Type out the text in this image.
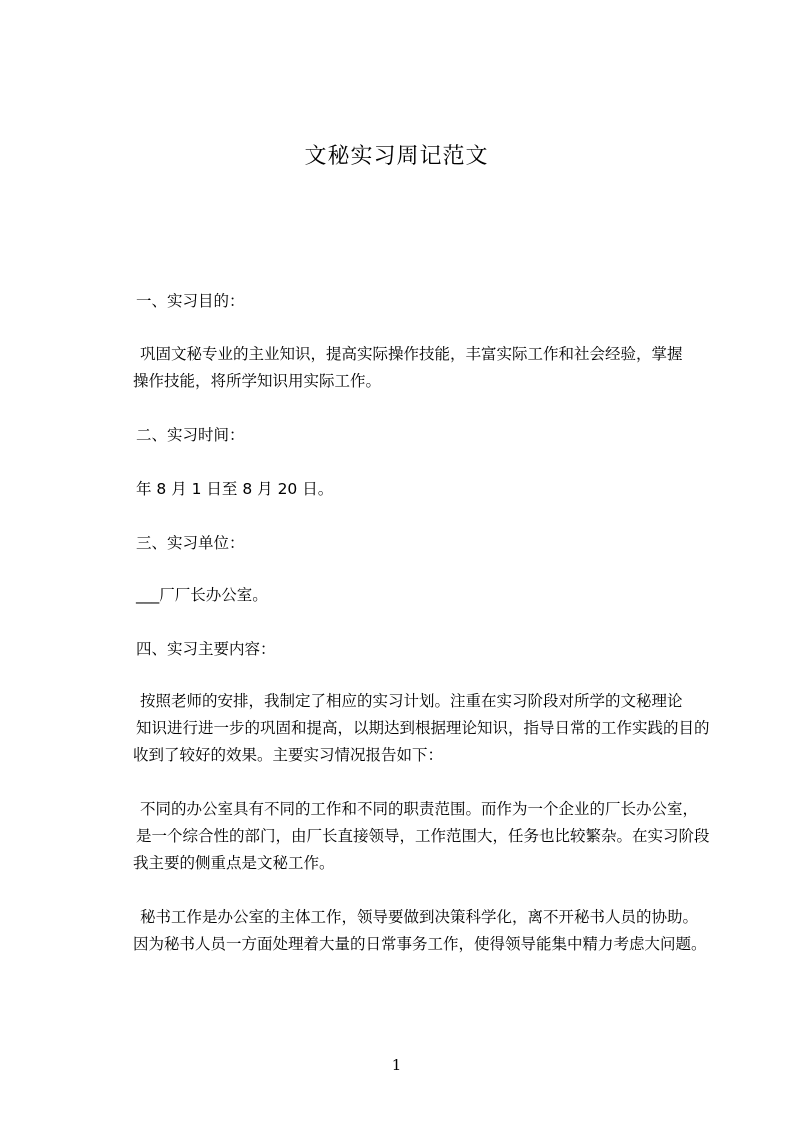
文秘实习周记范文
一、实习目的：
巩固文秘专业的主业知识，提高实际操作技能，丰富实际工作和社会经验，掌握
操作技能，将所学知识用实际工作。
二、实习时间：
年 8 月 1 日至 8 月 20 日。
三、实习单位：
___厂厂长办公室。
四、实习主要内容：
按照老师的安排，我制定了相应的实习计划。注重在实习阶段对所学的文秘理论
知识进行进一步的巩固和提高，以期达到根据理论知识，指导日常的工作实践的目的
收到了较好的效果。主要实习情况报告如下：
不同的办公室具有不同的工作和不同的职责范围。而作为一个企业的厂长办公室，
是一个综合性的部门，由厂长直接领导，工作范围大，任务也比较繁杂。在实习阶段
我主要的侧重点是文秘工作。
秘书工作是办公室的主体工作，领导要做到决策科学化，离不开秘书人员的协助。
因为秘书人员一方面处理着大量的日常事务工作，使得领导能集中精力考虑大问题。
1
